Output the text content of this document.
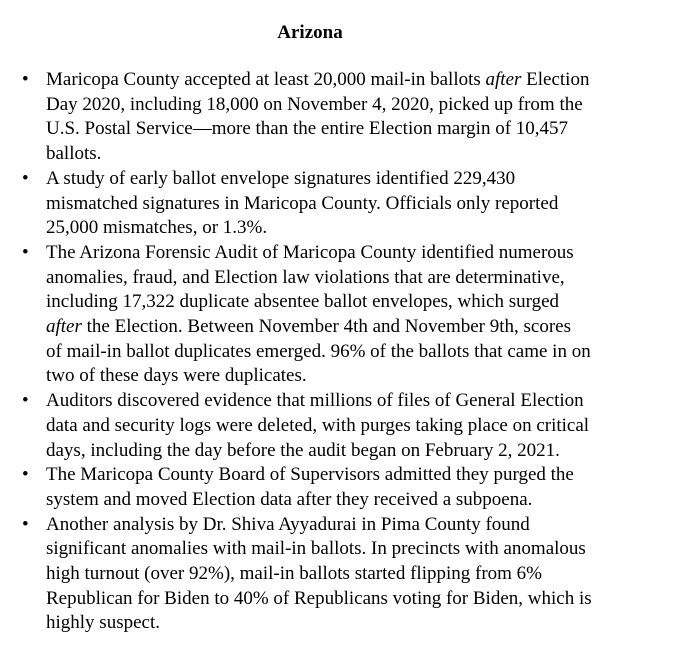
Arizona
• Maricopa County accepted at least 20,000 mail-in ballots after Election
Day 2020, including 18,000 on November 4, 2020, picked up from the
U.S. Postal Service—more than the entire Election margin of 10,457
ballots.

• A study of early ballot envelope signatures identified 229,430
mismatched signatures in Maricopa County. Officials only reported
25,000 mismatches, or 1.3%.

• The Arizona Forensic Audit of Maricopa County identified numerous
anomalies, fraud, and Election law violations that are determinative,
including 17,322 duplicate absentee ballot envelopes, which surged
after the Election. Between November 4th and November 9th, scores
of mail-in ballot duplicates emerged. 96% of the ballots that came in on
two of these days were duplicates.

• Auditors discovered evidence that millions of files of General Election
data and security logs were deleted, with purges taking place on critical
days, including the day before the audit began on February 2, 2021.

• The Maricopa County Board of Supervisors admitted they purged the
system and moved Election data after they received a subpoena.

• Another analysis by Dr. Shiva Ayyadurai in Pima County found
significant anomalies with mail-in ballots. In precincts with anomalous
high turnout (over 92%), mail-in ballots started flipping from 6%
Republican for Biden to 40% of Republicans voting for Biden, which is
highly suspect.
